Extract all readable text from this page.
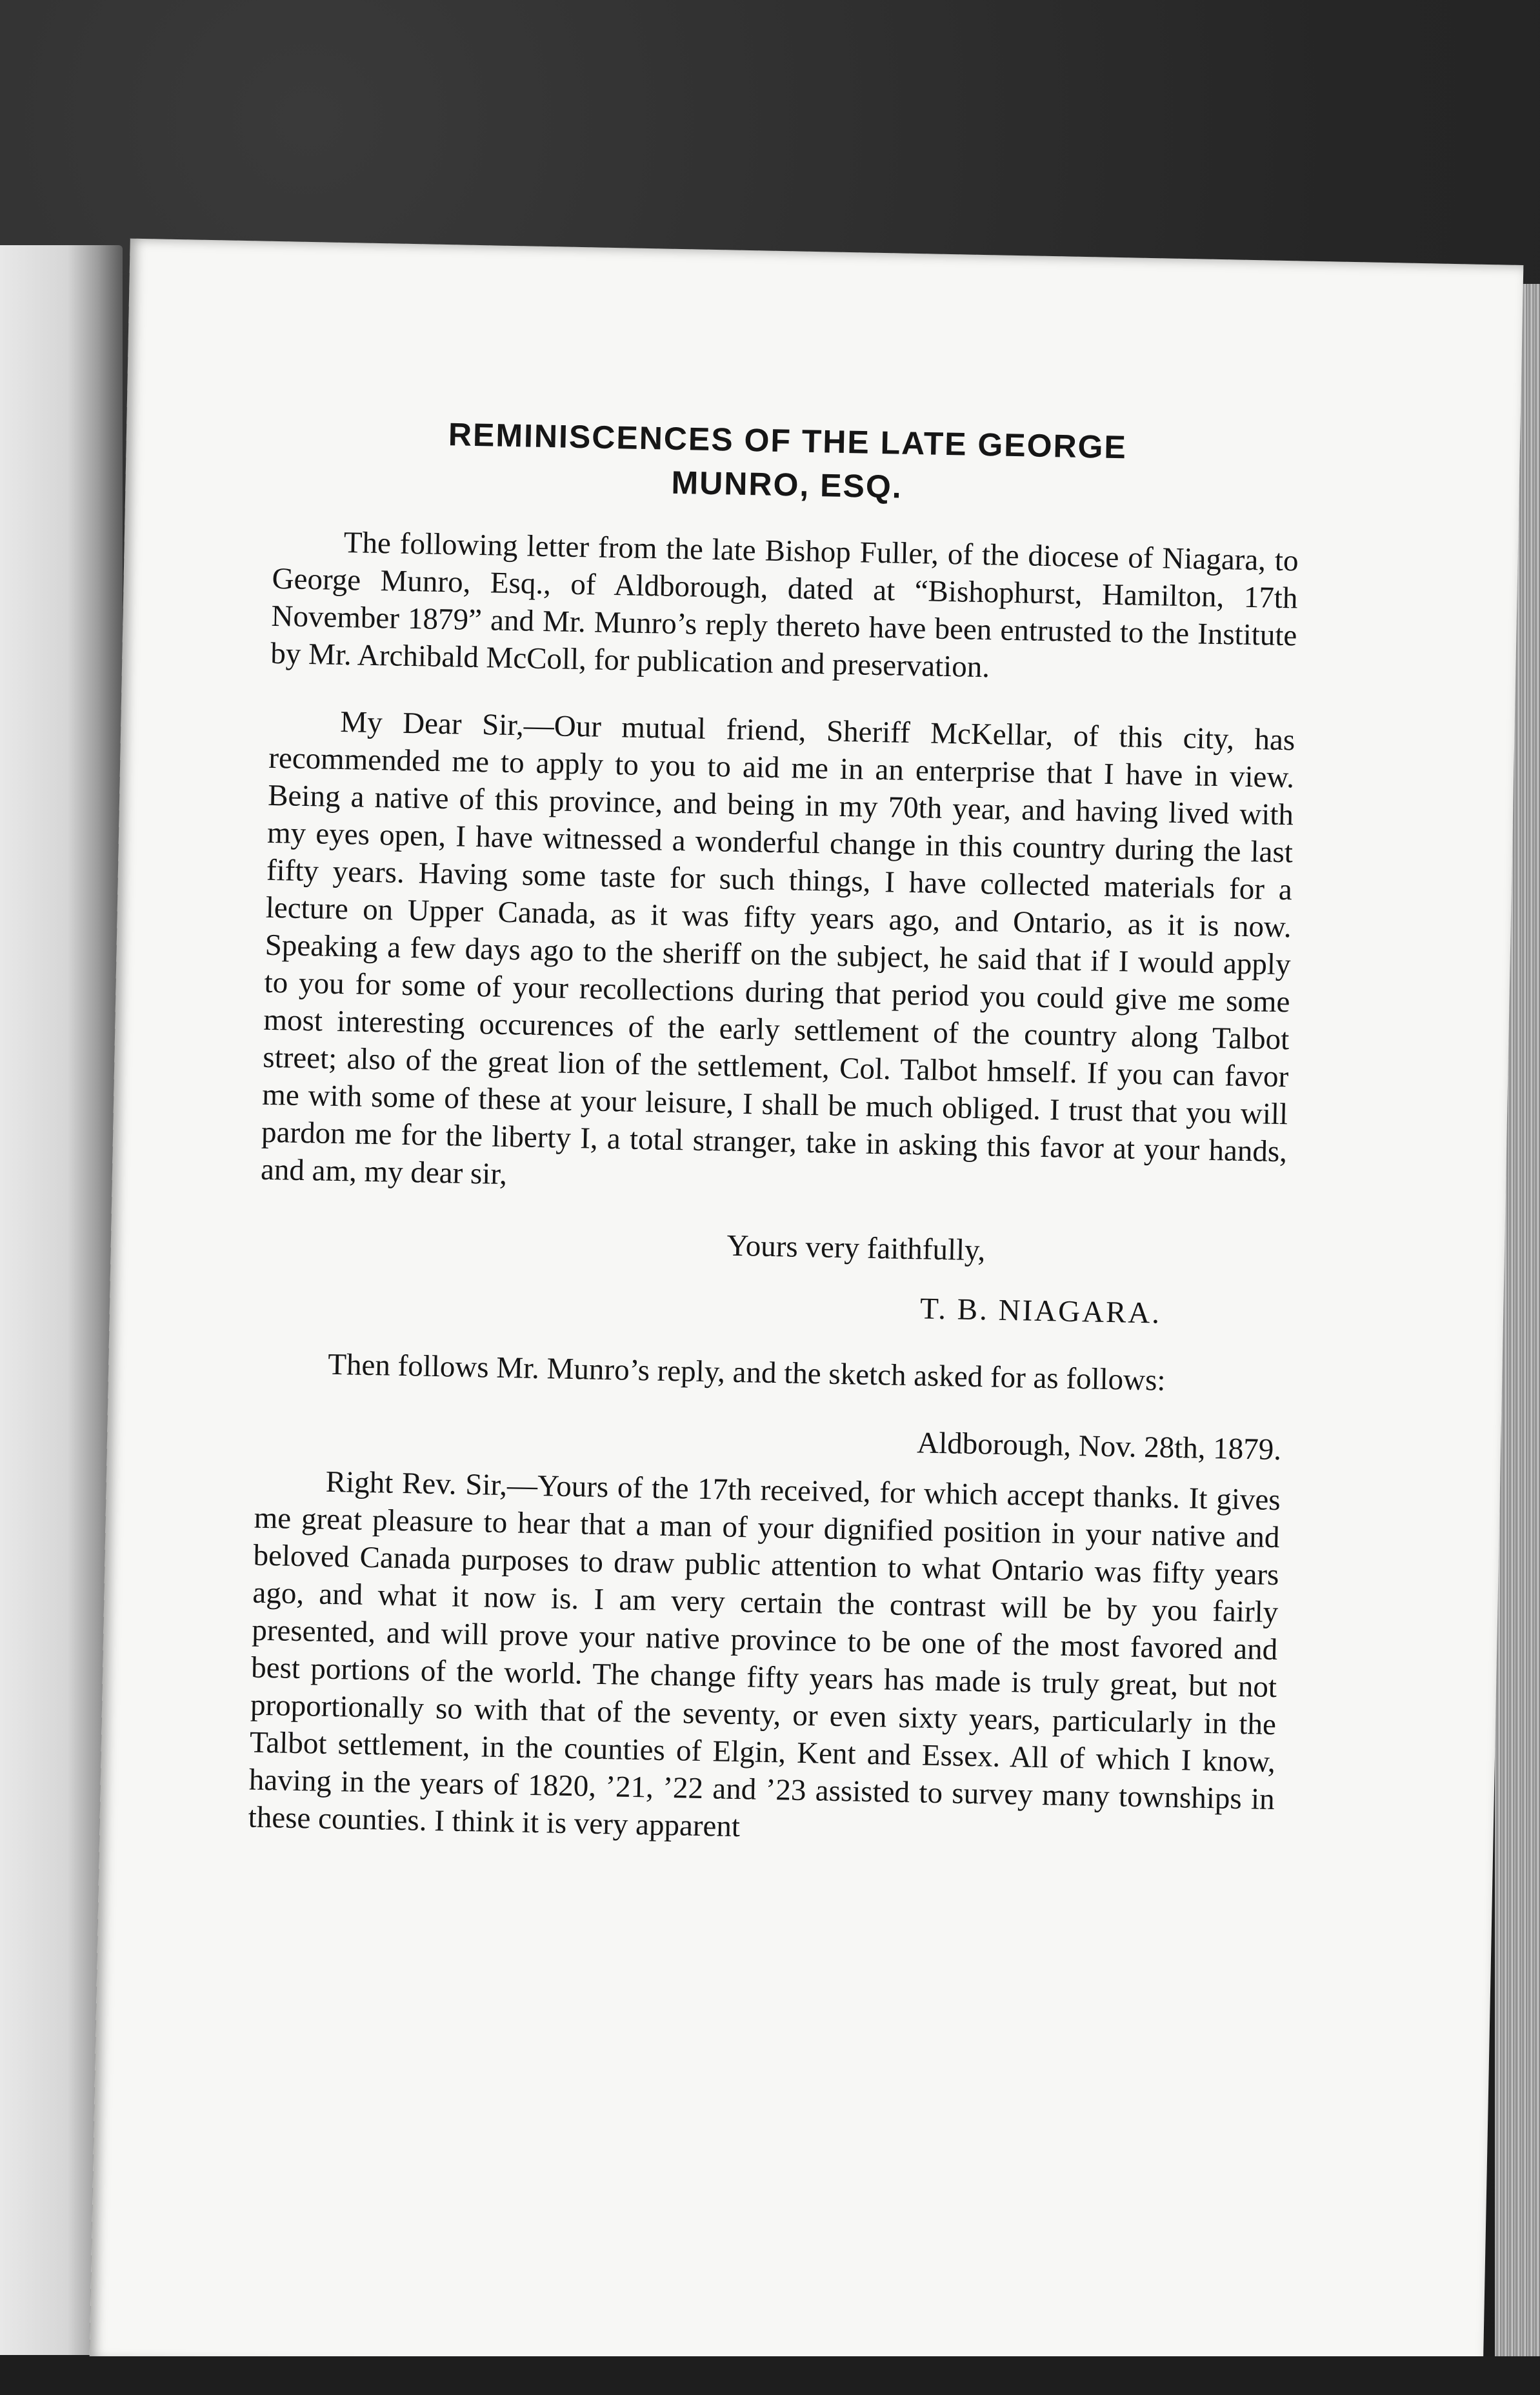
REMINISCENCES OF THE LATE GEORGE
MUNRO, ESQ.

The following letter from the late Bishop Fuller, of the diocese of Niagara, to George Munro, Esq., of Aldborough, dated at “Bishophurst, Hamilton, 17th November 1879” and Mr. Munro’s reply thereto have been entrusted to the Institute by Mr. Archibald McColl, for publication and preservation.

My Dear Sir,—Our mutual friend, Sheriff McKellar, of this city, has recommended me to apply to you to aid me in an enterprise that I have in view. Being a native of this province, and being in my 70th year, and having lived with my eyes open, I have witnessed a wonderful change in this country during the last fifty years. Having some taste for such things, I have collected materials for a lecture on Upper Canada, as it was fifty years ago, and Ontario, as it is now. Speaking a few days ago to the sheriff on the subject, he said that if I would apply to you for some of your recollections during that period you could give me some most interesting occurences of the early settlement of the country along Talbot street; also of the great lion of the settlement, Col. Talbot hmself. If you can favor me with some of these at your leisure, I shall be much obliged. I trust that you will pardon me for the liberty I, a total stranger, take in asking this favor at your hands, and am, my dear sir,

Yours very faithfully,
T. B. NIAGARA.

Then follows Mr. Munro’s reply, and the sketch asked for as follows:

Aldborough, Nov. 28th, 1879.

Right Rev. Sir,—Yours of the 17th received, for which accept thanks. It gives me great pleasure to hear that a man of your dignified position in your native and beloved Canada purposes to draw public attention to what Ontario was fifty years ago, and what it now is. I am very certain the contrast will be by you fairly presented, and will prove your native province to be one of the most favored and best portions of the world. The change fifty years has made is truly great, but not proportionally so with that of the seventy, or even sixty years, particularly in the Talbot settlement, in the counties of Elgin, Kent and Essex. All of which I know, having in the years of 1820, ’21, ’22 and ’23 assisted to survey many townships in these counties. I think it is very apparent
